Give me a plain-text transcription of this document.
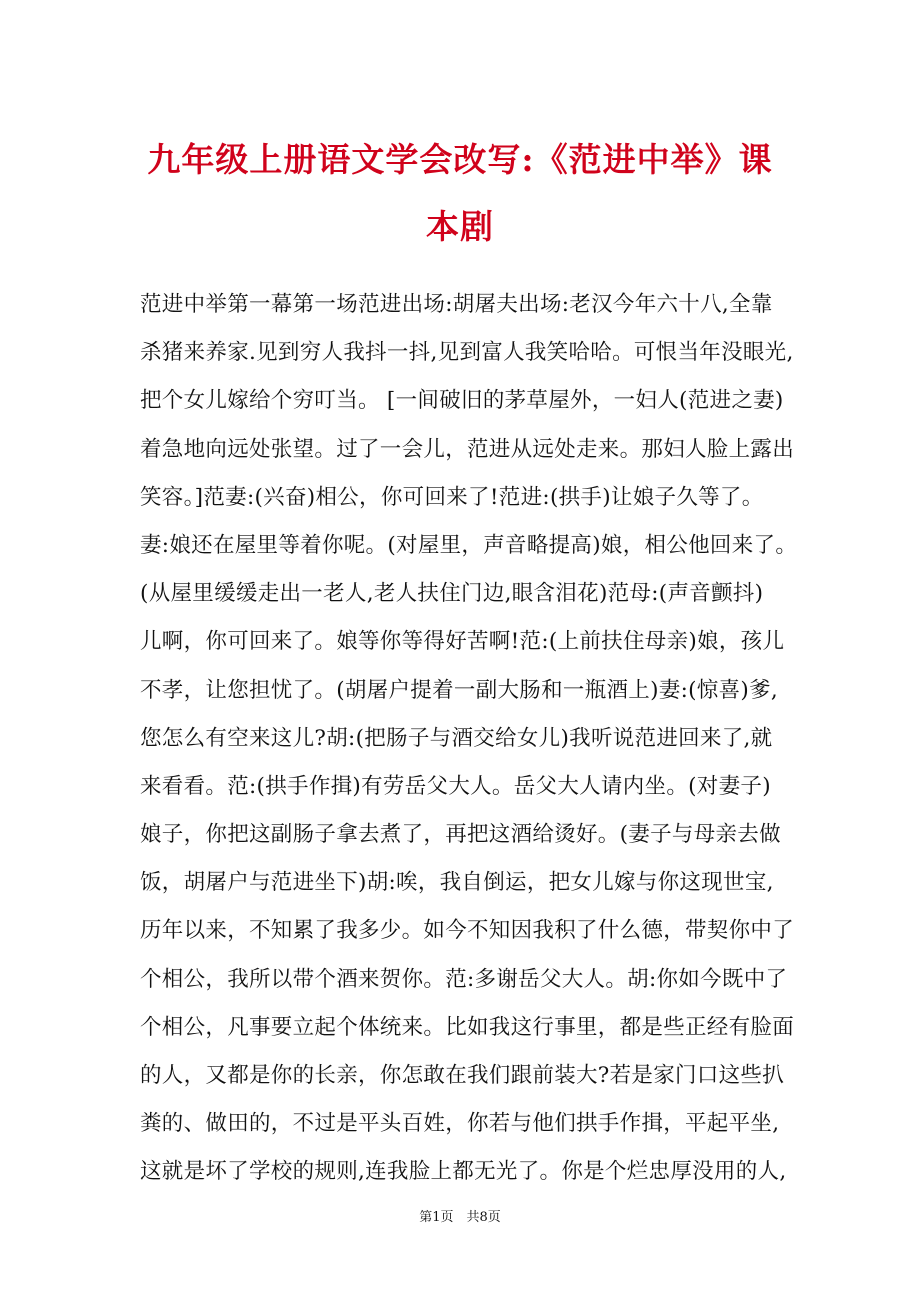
九年级上册语文学会改写:《范进中举》课
本剧
范进中举第一幕第一场范进出场:胡屠夫出场:老汉今年六十八,全靠
杀猪来养家.见到穷人我抖一抖,见到富人我笑哈哈。可恨当年没眼光,
把个女儿嫁给个穷叮当。 [一间破旧的茅草屋外，一妇人(范进之妻)
着急地向远处张望。过了一会儿，范进从远处走来。那妇人脸上露出
笑容。]范妻:(兴奋)相公，你可回来了!范进:(拱手)让娘子久等了。
妻:娘还在屋里等着你呢。(对屋里，声音略提高)娘，相公他回来了。
(从屋里缓缓走出一老人,老人扶住门边,眼含泪花)范母:(声音颤抖)
儿啊，你可回来了。娘等你等得好苦啊!范:(上前扶住母亲)娘，孩儿
不孝，让您担忧了。(胡屠户提着一副大肠和一瓶酒上)妻:(惊喜)爹,
您怎么有空来这儿?胡:(把肠子与酒交给女儿)我听说范进回来了,就
来看看。范:(拱手作揖)有劳岳父大人。岳父大人请内坐。(对妻子)
娘子，你把这副肠子拿去煮了，再把这酒给烫好。(妻子与母亲去做
饭，胡屠户与范进坐下)胡:唉，我自倒运，把女儿嫁与你这现世宝,
历年以来，不知累了我多少。如今不知因我积了什么德，带契你中了
个相公，我所以带个酒来贺你。范:多谢岳父大人。胡:你如今既中了
个相公，凡事要立起个体统来。比如我这行事里，都是些正经有脸面
的人，又都是你的长亲，你怎敢在我们跟前装大?若是家门口这些扒
粪的、做田的，不过是平头百姓，你若与他们拱手作揖，平起平坐,
这就是坏了学校的规则,连我脸上都无光了。你是个烂忠厚没用的人,
第1页　共8页
